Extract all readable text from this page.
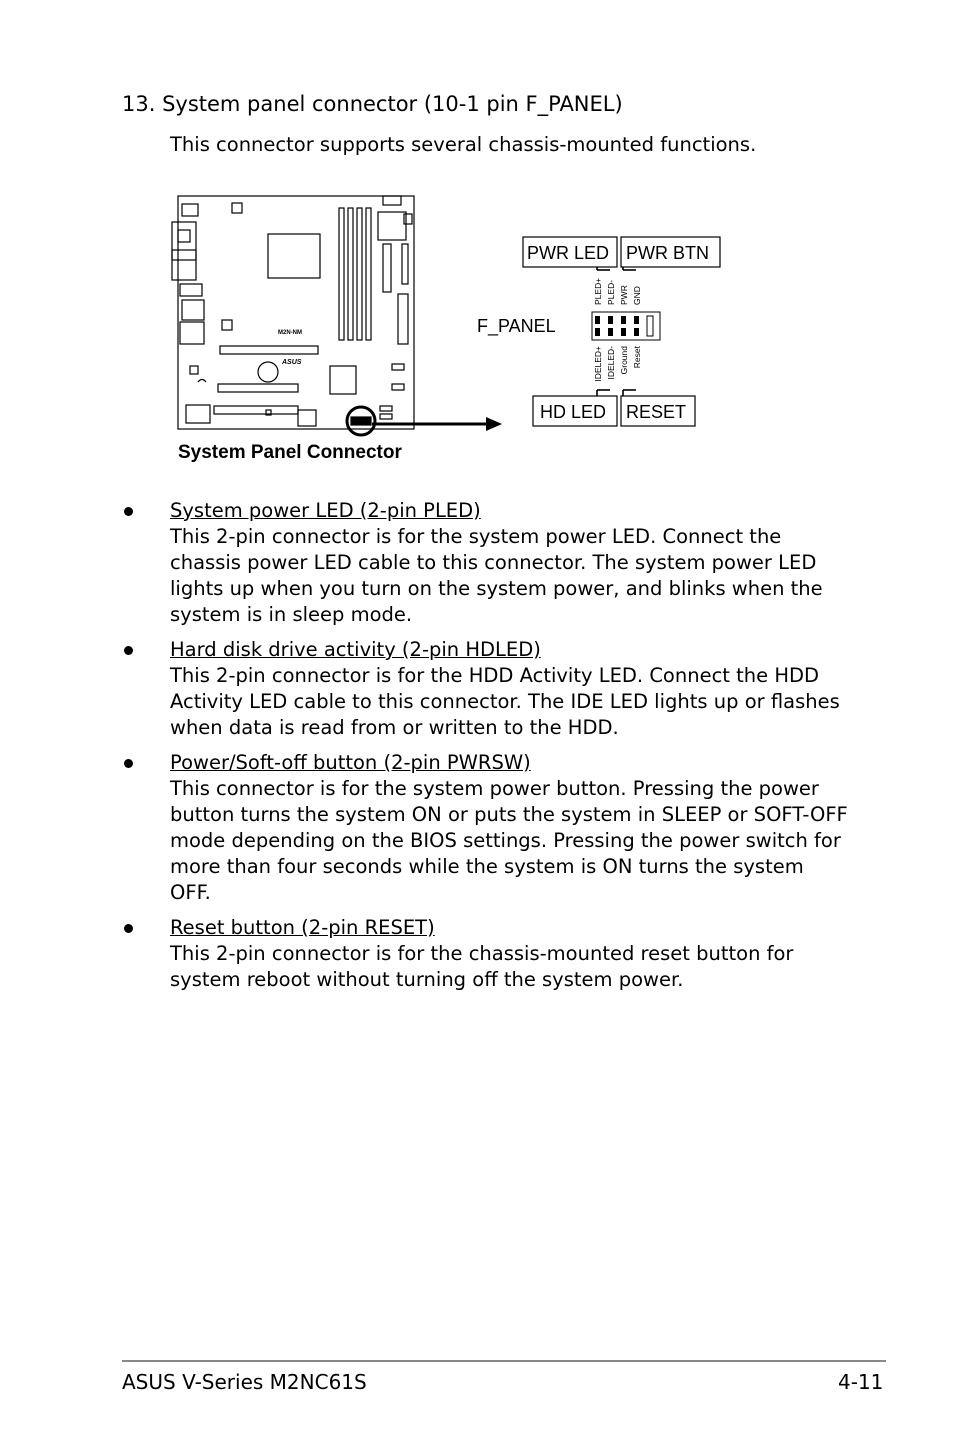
13. System panel connector (10-1 pin F_PANEL)
This connector supports several chassis-mounted functions.
M2N-NM
ASUS
System Panel Connector
F_PANEL
PWR LED PWR BTN
HD LED RESET
PLED+ PLED- PWR GND
IDELED+ IDELED- Ground Reset
System power LED (2-pin PLED)
This 2-pin connector is for the system power LED. Connect the
chassis power LED cable to this connector. The system power LED
lights up when you turn on the system power, and blinks when the
system is in sleep mode.
Hard disk drive activity (2-pin HDLED)
This 2-pin connector is for the HDD Activity LED. Connect the HDD
Activity LED cable to this connector. The IDE LED lights up or flashes
when data is read from or written to the HDD.
Power/Soft-off button (2-pin PWRSW)
This connector is for the system power button. Pressing the power
button turns the system ON or puts the system in SLEEP or SOFT-OFF
mode depending on the BIOS settings. Pressing the power switch for
more than four seconds while the system is ON turns the system OFF.
Reset button (2-pin RESET)
This 2-pin connector is for the chassis-mounted reset button for
system reboot without turning off the system power.
ASUS V-Series M2NC61S	4-11
